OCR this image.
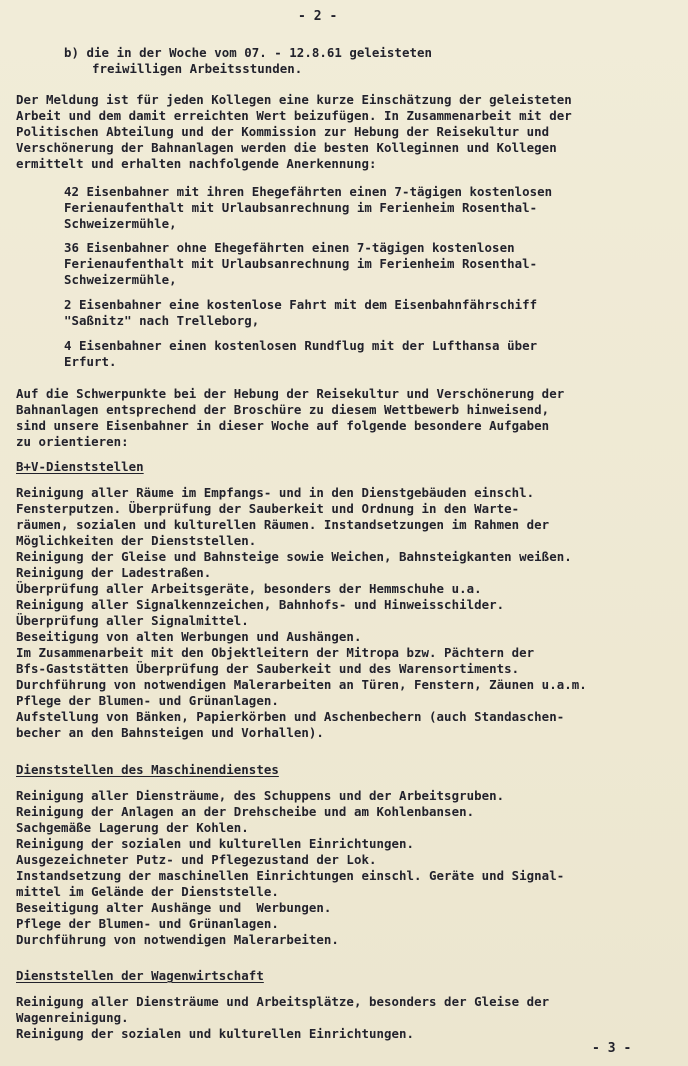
- 2 -
b) die in der Woche vom 07. - 12.8.61 geleisteten
freiwilligen Arbeitsstunden.
Der Meldung ist für jeden Kollegen eine kurze Einschätzung der geleisteten
Arbeit und dem damit erreichten Wert beizufügen. In Zusammenarbeit mit der
Politischen Abteilung und der Kommission zur Hebung der Reisekultur und
Verschönerung der Bahnanlagen werden die besten Kolleginnen und Kollegen
ermittelt und erhalten nachfolgende Anerkennung:
42 Eisenbahner mit ihren Ehegefährten einen 7-tägigen kostenlosen
Ferienaufenthalt mit Urlaubsanrechnung im Ferienheim Rosenthal-
Schweizermühle,
36 Eisenbahner ohne Ehegefährten einen 7-tägigen kostenlosen
Ferienaufenthalt mit Urlaubsanrechnung im Ferienheim Rosenthal-
Schweizermühle,
2 Eisenbahner eine kostenlose Fahrt mit dem Eisenbahnfährschiff
"Saßnitz" nach Trelleborg,
4 Eisenbahner einen kostenlosen Rundflug mit der Lufthansa über
Erfurt.
Auf die Schwerpunkte bei der Hebung der Reisekultur und Verschönerung der
Bahnanlagen entsprechend der Broschüre zu diesem Wettbewerb hinweisend,
sind unsere Eisenbahner in dieser Woche auf folgende besondere Aufgaben
zu orientieren:
B+V-Dienststellen
Reinigung aller Räume im Empfangs- und in den Dienstgebäuden einschl.
Fensterputzen. Überprüfung der Sauberkeit und Ordnung in den Warte-
räumen, sozialen und kulturellen Räumen. Instandsetzungen im Rahmen der
Möglichkeiten der Dienststellen.
Reinigung der Gleise und Bahnsteige sowie Weichen, Bahnsteigkanten weißen.
Reinigung der Ladestraßen.
Überprüfung aller Arbeitsgeräte, besonders der Hemmschuhe u.a.
Reinigung aller Signalkennzeichen, Bahnhofs- und Hinweisschilder.
Überprüfung aller Signalmittel.
Beseitigung von alten Werbungen und Aushängen.
Im Zusammenarbeit mit den Objektleitern der Mitropa bzw. Pächtern der
Bfs-Gaststätten Überprüfung der Sauberkeit und des Warensortiments.
Durchführung von notwendigen Malerarbeiten an Türen, Fenstern, Zäunen u.a.m.
Pflege der Blumen- und Grünanlagen.
Aufstellung von Bänken, Papierkörben und Aschenbechern (auch Standaschen-
becher an den Bahnsteigen und Vorhallen).
Dienststellen des Maschinendienstes
Reinigung aller Diensträume, des Schuppens und der Arbeitsgruben.
Reinigung der Anlagen an der Drehscheibe und am Kohlenbansen.
Sachgemäße Lagerung der Kohlen.
Reinigung der sozialen und kulturellen Einrichtungen.
Ausgezeichneter Putz- und Pflegezustand der Lok.
Instandsetzung der maschinellen Einrichtungen einschl. Geräte und Signal-
mittel im Gelände der Dienststelle.
Beseitigung alter Aushänge und  Werbungen.
Pflege der Blumen- und Grünanlagen.
Durchführung von notwendigen Malerarbeiten.
Dienststellen der Wagenwirtschaft
Reinigung aller Diensträume und Arbeitsplätze, besonders der Gleise der
Wagenreinigung.
Reinigung der sozialen und kulturellen Einrichtungen.
- 3 -
